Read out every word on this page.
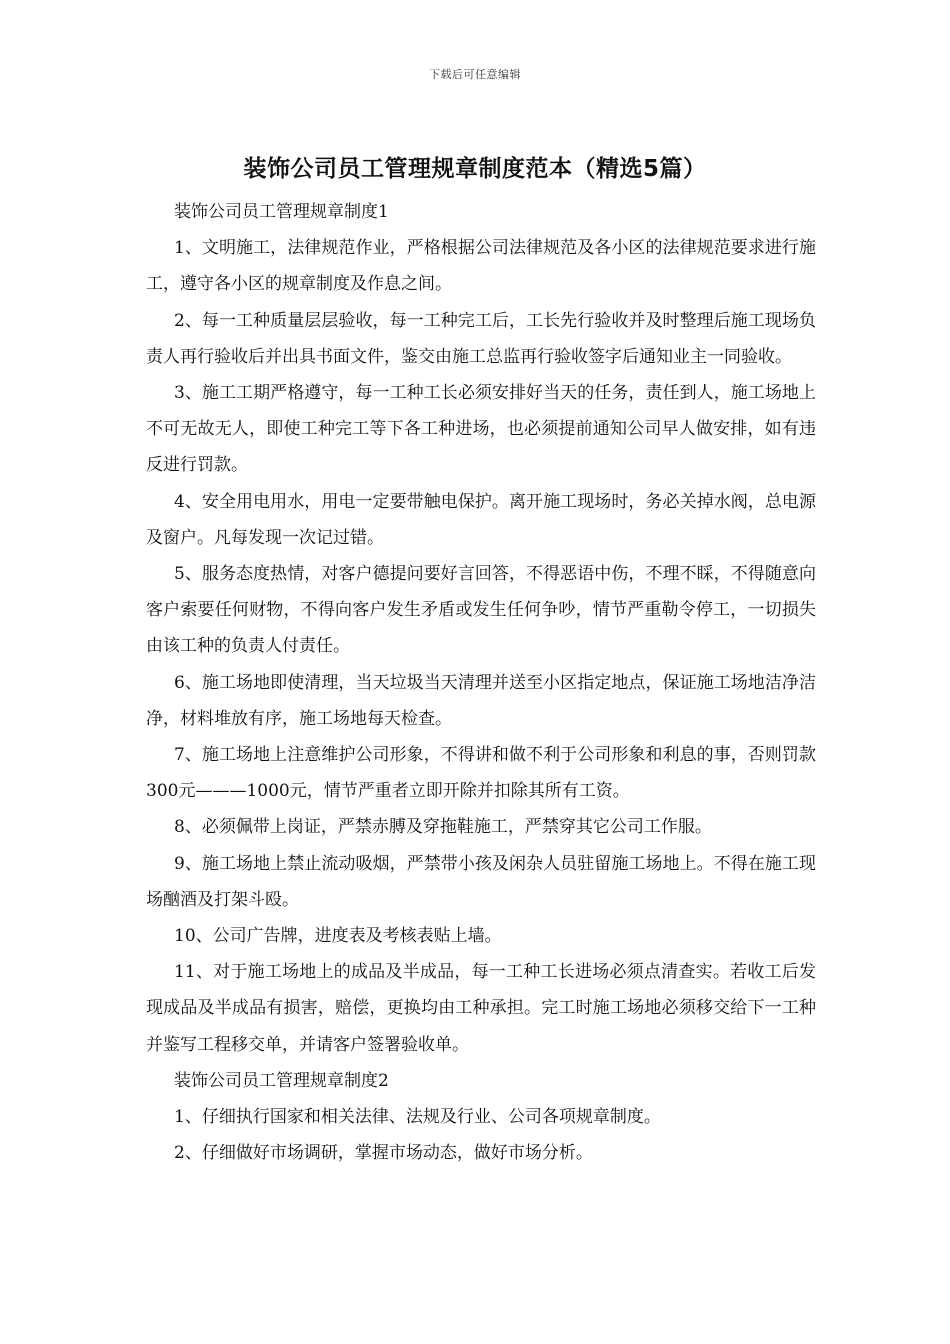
下载后可任意编辑
装饰公司员工管理规章制度范本（精选5篇）

装饰公司员工管理规章制度1

1、文明施工，法律规范作业，严格根据公司法律规范及各小区的法律规范要求进行施工，遵守各小区的规章制度及作息之间。

2、每一工种质量层层验收，每一工种完工后，工长先行验收并及时整理后施工现场负责人再行验收后并出具书面文件，鉴交由施工总监再行验收签字后通知业主一同验收。

3、施工工期严格遵守，每一工种工长必须安排好当天的任务，责任到人，施工场地上不可无故无人，即使工种完工等下各工种进场，也必须提前通知公司早人做安排，如有违反进行罚款。

4、安全用电用水，用电一定要带触电保护。离开施工现场时，务必关掉水阀，总电源及窗户。凡每发现一次记过错。

5、服务态度热情，对客户德提问要好言回答，不得恶语中伤，不理不睬，不得随意向客户索要任何财物，不得向客户发生矛盾或发生任何争吵，情节严重勒令停工，一切损失由该工种的负责人付责任。

6、施工场地即使清理，当天垃圾当天清理并送至小区指定地点，保证施工场地洁净洁净，材料堆放有序，施工场地每天检查。

7、施工场地上注意维护公司形象，不得讲和做不利于公司形象和利息的事，否则罚款300元———1000元，情节严重者立即开除并扣除其所有工资。

8、必须佩带上岗证，严禁赤膊及穿拖鞋施工，严禁穿其它公司工作服。

9、施工场地上禁止流动吸烟，严禁带小孩及闲杂人员驻留施工场地上。不得在施工现场酗酒及打架斗殴。

10、公司广告牌，进度表及考核表贴上墙。

11、对于施工场地上的成品及半成品，每一工种工长进场必须点清查实。若收工后发现成品及半成品有损害，赔偿，更换均由工种承担。完工时施工场地必须移交给下一工种并鉴写工程移交单，并请客户签署验收单。

装饰公司员工管理规章制度2

1、仔细执行国家和相关法律、法规及行业、公司各项规章制度。

2、仔细做好市场调研，掌握市场动态，做好市场分析。
